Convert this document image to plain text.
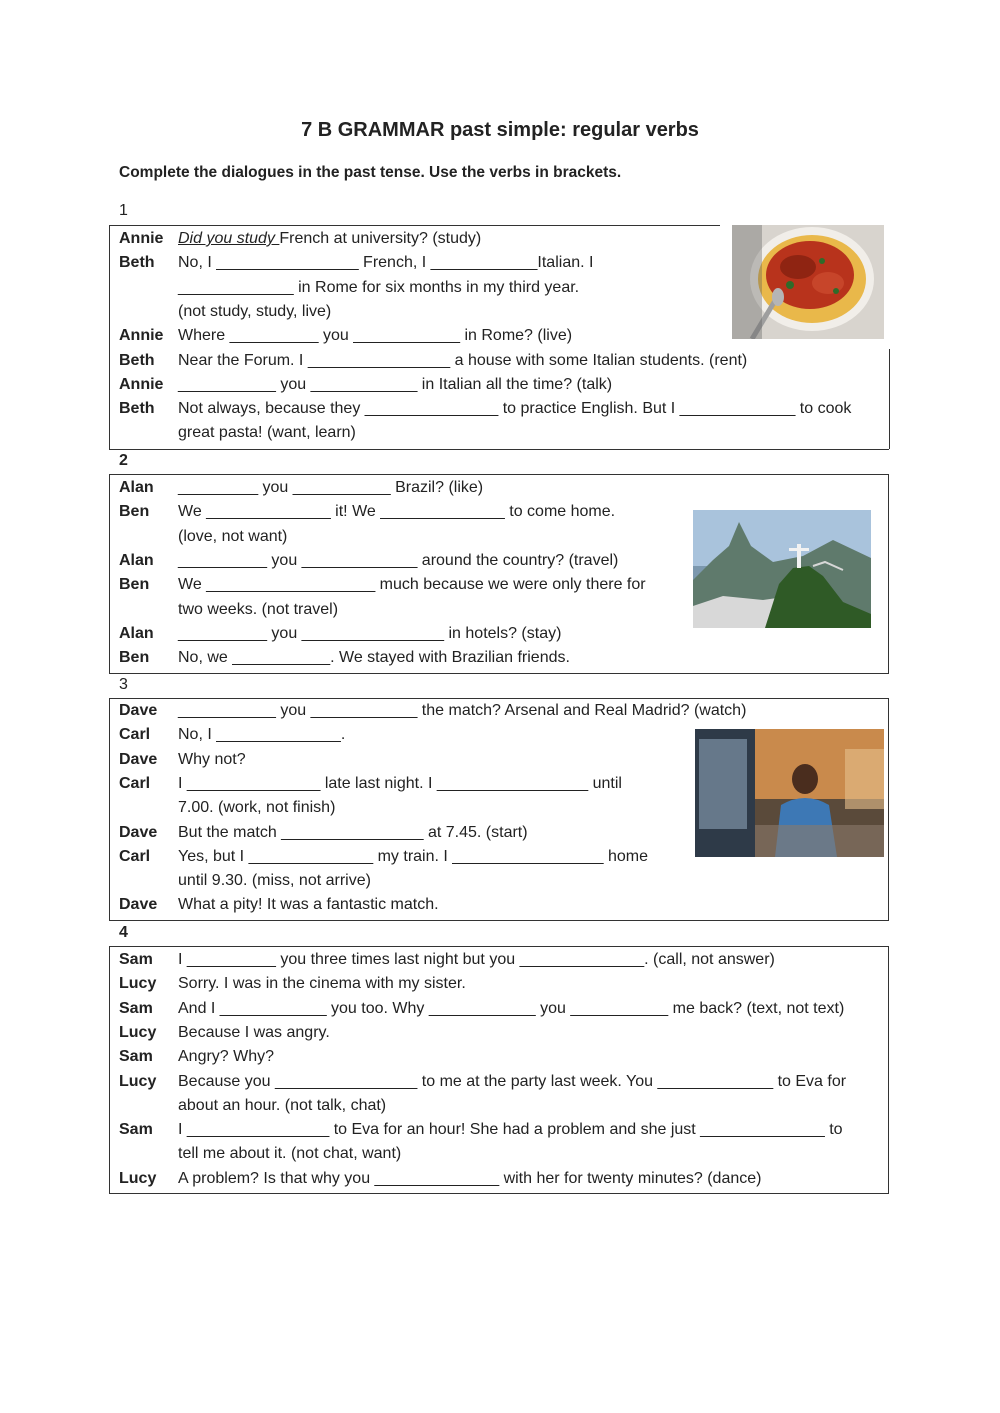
7 B GRAMMAR past simple: regular verbs
Complete the dialogues in the past tense. Use the verbs in brackets.
1
Annie Did you study French at university? (study)
Beth No, I ________________ French, I ____________Italian. I
_____________ in Rome for six months in my third year.
(not study, study, live)
Annie Where __________ you ____________ in Rome? (live)
Beth Near the Forum. I ________________ a house with some Italian students. (rent)
Annie ___________ you ____________ in Italian all the time? (talk)
Beth Not always, because they _______________ to practice English. But I _____________ to cook
great pasta! (want, learn)
2
Alan _________ you ___________ Brazil? (like)
Ben We ______________ it! We ______________ to come home.
(love, not want)
Alan __________ you _____________ around the country? (travel)
Ben We ___________________ much because we were only there for
two weeks. (not travel)
Alan __________ you ________________ in hotels? (stay)
Ben No, we ___________. We stayed with Brazilian friends.
3
Dave ___________ you ____________ the match? Arsenal and Real Madrid? (watch)
Carl No, I ______________.
Dave Why not?
Carl I _______________ late last night. I _________________ until
7.00. (work, not finish)
Dave But the match ________________ at 7.45. (start)
Carl Yes, but I ______________ my train. I _________________ home
until 9.30. (miss, not arrive)
Dave What a pity! It was a fantastic match.
4
Sam I __________ you three times last night but you ______________. (call, not answer)
Lucy Sorry. I was in the cinema with my sister.
Sam And I ____________ you too. Why ____________ you ___________ me back? (text, not text)
Lucy Because I was angry.
Sam Angry? Why?
Lucy Because you ________________ to me at the party last week. You _____________ to Eva for
about an hour. (not talk, chat)
Sam I ________________ to Eva for an hour! She had a problem and she just ______________ to
tell me about it. (not chat, want)
Lucy A problem? Is that why you ______________ with her for twenty minutes? (dance)
